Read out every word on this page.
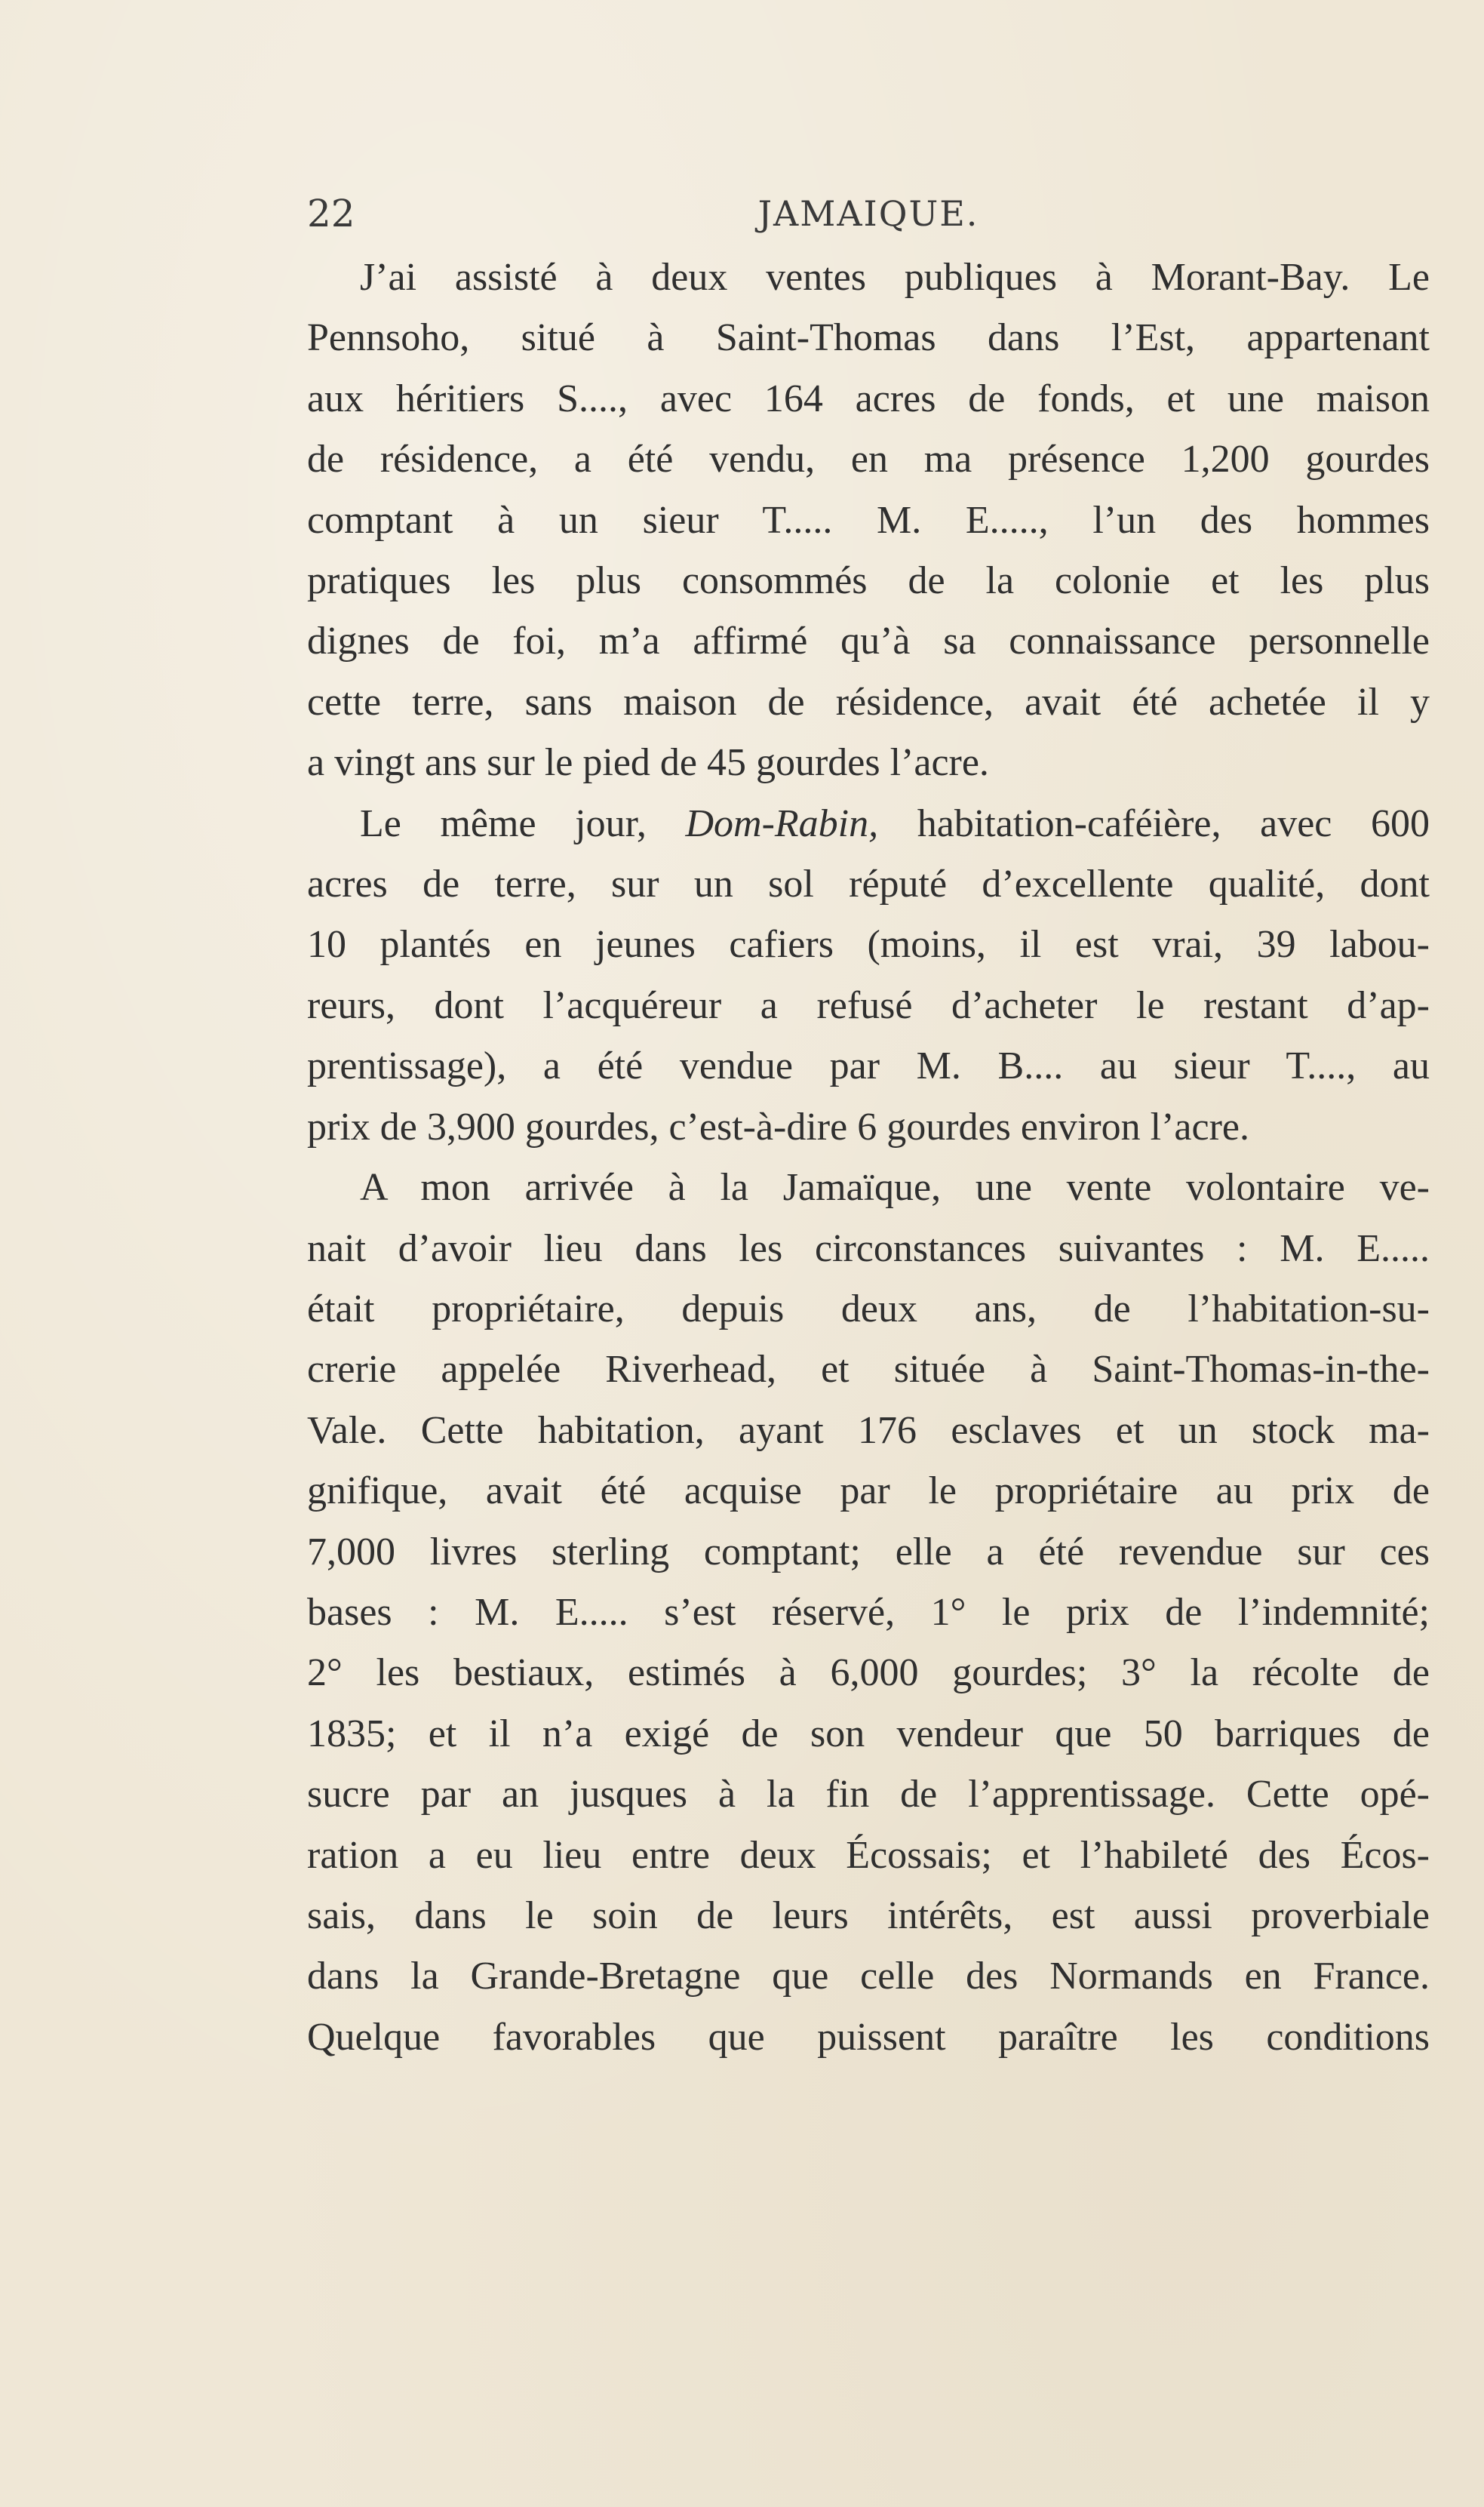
22	JAMAIQUE.

J’ai assisté à deux ventes publiques à Morant-Bay. Le
Pennsoho, situé à Saint-Thomas dans l’Est, appartenant
aux héritiers S...., avec 164 acres de fonds, et une maison
de résidence, a été vendu, en ma présence 1,200 gourdes
comptant à un sieur T..... M. E....., l’un des hommes
pratiques les plus consommés de la colonie et les plus
dignes de foi, m’a affirmé qu’à sa connaissance personnelle
cette terre, sans maison de résidence, avait été achetée il y
a vingt ans sur le pied de 45 gourdes l’acre.

Le même jour, Dom-Rabin, habitation-caféière, avec 600
acres de terre, sur un sol réputé d’excellente qualité, dont
10 plantés en jeunes cafiers (moins, il est vrai, 39 labou-
reurs, dont l’acquéreur a refusé d’acheter le restant d’ap-
prentissage), a été vendue par M. B.... au sieur T...., au
prix de 3,900 gourdes, c’est-à-dire 6 gourdes environ l’acre.

A mon arrivée à la Jamaïque, une vente volontaire ve-
nait d’avoir lieu dans les circonstances suivantes : M. E.....
était propriétaire, depuis deux ans, de l’habitation-su-
crerie appelée Riverhead, et située à Saint-Thomas-in-the-
Vale. Cette habitation, ayant 176 esclaves et un stock ma-
gnifique, avait été acquise par le propriétaire au prix de
7,000 livres sterling comptant; elle a été revendue sur ces
bases : M. E..... s’est réservé, 1° le prix de l’indemnité;
2° les bestiaux, estimés à 6,000 gourdes; 3° la récolte de
1835; et il n’a exigé de son vendeur que 50 barriques de
sucre par an jusques à la fin de l’apprentissage. Cette opé-
ration a eu lieu entre deux Écossais; et l’habileté des Écos-
sais, dans le soin de leurs intérêts, est aussi proverbiale
dans la Grande-Bretagne que celle des Normands en France.
Quelque favorables que puissent paraître les conditions
